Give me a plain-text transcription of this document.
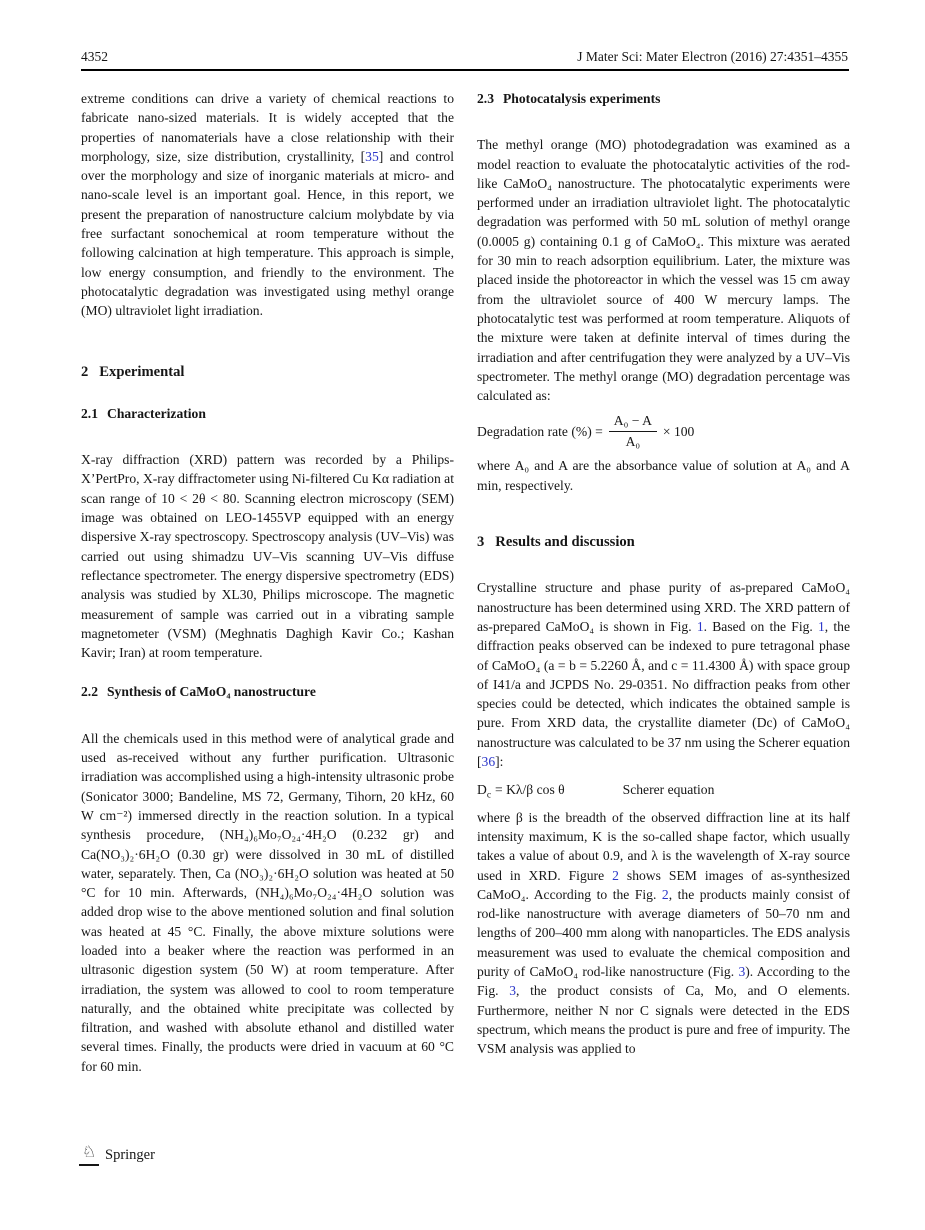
4352	J Mater Sci: Mater Electron (2016) 27:4351–4355

extreme conditions can drive a variety of chemical reactions to fabricate nano-sized materials. It is widely accepted that the properties of nanomaterials have a close relationship with their morphology, size, size distribution, crystallinity, [35] and control over the morphology and size of inorganic materials at micro- and nano-scale level is an important goal. Hence, in this report, we present the preparation of nanostructure calcium molybdate by via free surfactant sonochemical at room temperature without the following calcination at high temperature. This approach is simple, low energy consumption, and friendly to the environment. The photocatalytic degradation was investigated using methyl orange (MO) ultraviolet light irradiation.

2 Experimental
2.1 Characterization

X-ray diffraction (XRD) pattern was recorded by a Philips-X’PertPro, X-ray diffractometer using Ni-filtered Cu Kα radiation at scan range of 10 < 2θ < 80. Scanning electron microscopy (SEM) image was obtained on LEO-1455VP equipped with an energy dispersive X-ray spectroscopy. Spectroscopy analysis (UV–Vis) was carried out using shimadzu UV–Vis scanning UV–Vis diffuse reflectance spectrometer. The energy dispersive spectrometry (EDS) analysis was studied by XL30, Philips microscope. The magnetic measurement of sample was carried out in a vibrating sample magnetometer (VSM) (Meghnatis Daghigh Kavir Co.; Kashan Kavir; Iran) at room temperature.

2.2 Synthesis of CaMoO₄ nanostructure

All the chemicals used in this method were of analytical grade and used as-received without any further purification. Ultrasonic irradiation was accomplished using a high-intensity ultrasonic probe (Sonicator 3000; Bandeline, MS 72, Germany, Tihorn, 20 kHz, 60 W cm⁻²) immersed directly in the reaction solution. In a typical synthesis procedure, (NH₄)₆Mo₇O₂₄·4H₂O (0.232 gr) and Ca(NO₃)₂·6H₂O (0.30 gr) were dissolved in 30 mL of distilled water, separately. Then, Ca (NO₃)₂·6H₂O solution was heated at 50 °C for 10 min. Afterwards, (NH₄)₆Mo₇O₂₄·4H₂O solution was added drop wise to the above mentioned solution and final solution was heated at 45 °C. Finally, the above mixture solutions were loaded into a beaker where the reaction was performed in an ultrasonic digestion system (50 W) at room temperature. After irradiation, the system was allowed to cool to room temperature naturally, and the obtained white precipitate was collected by filtration, and washed with absolute ethanol and distilled water several times. Finally, the products were dried in vacuum at 60 °C for 60 min.

2.3 Photocatalysis experiments

The methyl orange (MO) photodegradation was examined as a model reaction to evaluate the photocatalytic activities of the rod-like CaMoO₄ nanostructure. The photocatalytic experiments were performed under an irradiation ultraviolet light. The photocatalytic degradation was performed with 50 mL solution of methyl orange (0.0005 g) containing 0.1 g of CaMoO₄. This mixture was aerated for 30 min to reach adsorption equilibrium. Later, the mixture was placed inside the photoreactor in which the vessel was 15 cm away from the ultraviolet source of 400 W mercury lamps. The photocatalytic test was performed at room temperature. Aliquots of the mixture were taken at definite interval of times during the irradiation and after centrifugation they were analyzed by a UV–Vis spectrometer. The methyl orange (MO) degradation percentage was calculated as:

Degradation rate (%) = $\frac{\text{A₀ − A}}{\text{A₀}} \times 100$

where A₀ and A are the absorbance value of solution at A₀ and A min, respectively.

3 Results and discussion

Crystalline structure and phase purity of as-prepared CaMoO₄ nanostructure has been determined using XRD. The XRD pattern of as-prepared CaMoO₄ is shown in Fig. 1. Based on the Fig. 1, the diffraction peaks observed can be indexed to pure tetragonal phase of CaMoO₄ (a = b = 5.2260 Å, and c = 11.4300 Å) with space group of I41/a and JCPDS No. 29-0351. No diffraction peaks from other species could be detected, which indicates the obtained sample is pure. From XRD data, the crystallite diameter (Dc) of CaMoO₄ nanostructure was calculated to be 37 nm using the Scherer equation [36]:

$D_c = K\lambda/\beta$ cos θ	Scherer equation

where β is the breadth of the observed diffraction line at its half intensity maximum, K is the so-called shape factor, which usually takes a value of about 0.9, and λ is the wavelength of X-ray source used in XRD. Figure 2 shows SEM images of as-synthesized CaMoO₄. According to the Fig. 2, the products mainly consist of rod-like nanostructure with average diameters of 50–70 nm and lengths of 200–400 mm along with nanoparticles. The EDS analysis measurement was used to evaluate the chemical composition and purity of CaMoO₄ rod-like nanostructure (Fig. 3). According to the Fig. 3, the product consists of Ca, Mo, and O elements. Furthermore, neither N nor C signals were detected in the EDS spectrum, which means the product is pure and free of impurity. The VSM analysis was applied to

♘ Springer
